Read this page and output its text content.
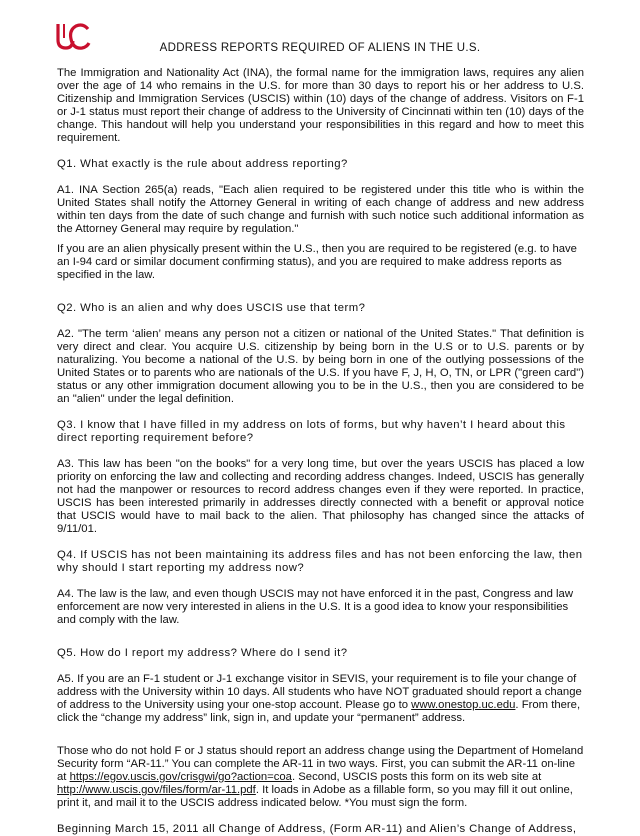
ADDRESS REPORTS REQUIRED OF ALIENS IN THE U.S.

The Immigration and Nationality Act (INA), the formal name for the immigration laws, requires any alien over the age of 14 who remains in the U.S. for more than 30 days to report his or her address to U.S. Citizenship and Immigration Services (USCIS) within (10) days of the change of address. Visitors on F-1 or J-1 status must report their change of address to the University of Cincinnati within ten (10) days of the change. This handout will help you understand your responsibilities in this regard and how to meet this requirement.

Q1. What exactly is the rule about address reporting?

A1. INA Section 265(a) reads, "Each alien required to be registered under this title who is within the United States shall notify the Attorney General in writing of each change of address and new address within ten days from the date of such change and furnish with such notice such additional information as the Attorney General may require by regulation."

If you are an alien physically present within the U.S., then you are required to be registered (e.g. to have an I-94 card or similar document confirming status), and you are required to make address reports as specified in the law.

Q2. Who is an alien and why does USCIS use that term?

A2. "The term ‘alien’ means any person not a citizen or national of the United States." That definition is very direct and clear. You acquire U.S. citizenship by being born in the U.S or to U.S. parents or by naturalizing. You become a national of the U.S. by being born in one of the outlying possessions of the United States or to parents who are nationals of the U.S. If you have F, J, H, O, TN, or LPR ("green card") status or any other immigration document allowing you to be in the U.S., then you are considered to be an "alien" under the legal definition.

Q3. I know that I have filled in my address on lots of forms, but why haven’t I heard about this direct reporting requirement before?

A3. This law has been "on the books" for a very long time, but over the years USCIS has placed a low priority on enforcing the law and collecting and recording address changes. Indeed, USCIS has generally not had the manpower or resources to record address changes even if they were reported. In practice, USCIS has been interested primarily in addresses directly connected with a benefit or approval notice that USCIS would have to mail back to the alien. That philosophy has changed since the attacks of 9/11/01.

Q4. If USCIS has not been maintaining its address files and has not been enforcing the law, then why should I start reporting my address now?

A4. The law is the law, and even though USCIS may not have enforced it in the past, Congress and law enforcement are now very interested in aliens in the U.S. It is a good idea to know your responsibilities and comply with the law.

Q5. How do I report my address? Where do I send it?

A5. If you are an F-1 student or J-1 exchange visitor in SEVIS, your requirement is to file your change of address with the University within 10 days. All students who have NOT graduated should report a change of address to the University using your one-stop account. Please go to www.onestop.uc.edu. From there, click the “change my address” link, sign in, and update your “permanent” address.

Those who do not hold F or J status should report an address change using the Department of Homeland Security form “AR-11.” You can complete the AR-11 in two ways. First, you can submit the AR-11 on-line at https://egov.uscis.gov/crisgwi/go?action=coa. Second, USCIS posts this form on its web site at http://www.uscis.gov/files/form/ar-11.pdf. It loads in Adobe as a fillable form, so you may fill it out online, print it, and mail it to the USCIS address indicated below. *You must sign the form.

Beginning March 15, 2011 all Change of Address, (Form AR-11) and Alien’s Change of Address,
